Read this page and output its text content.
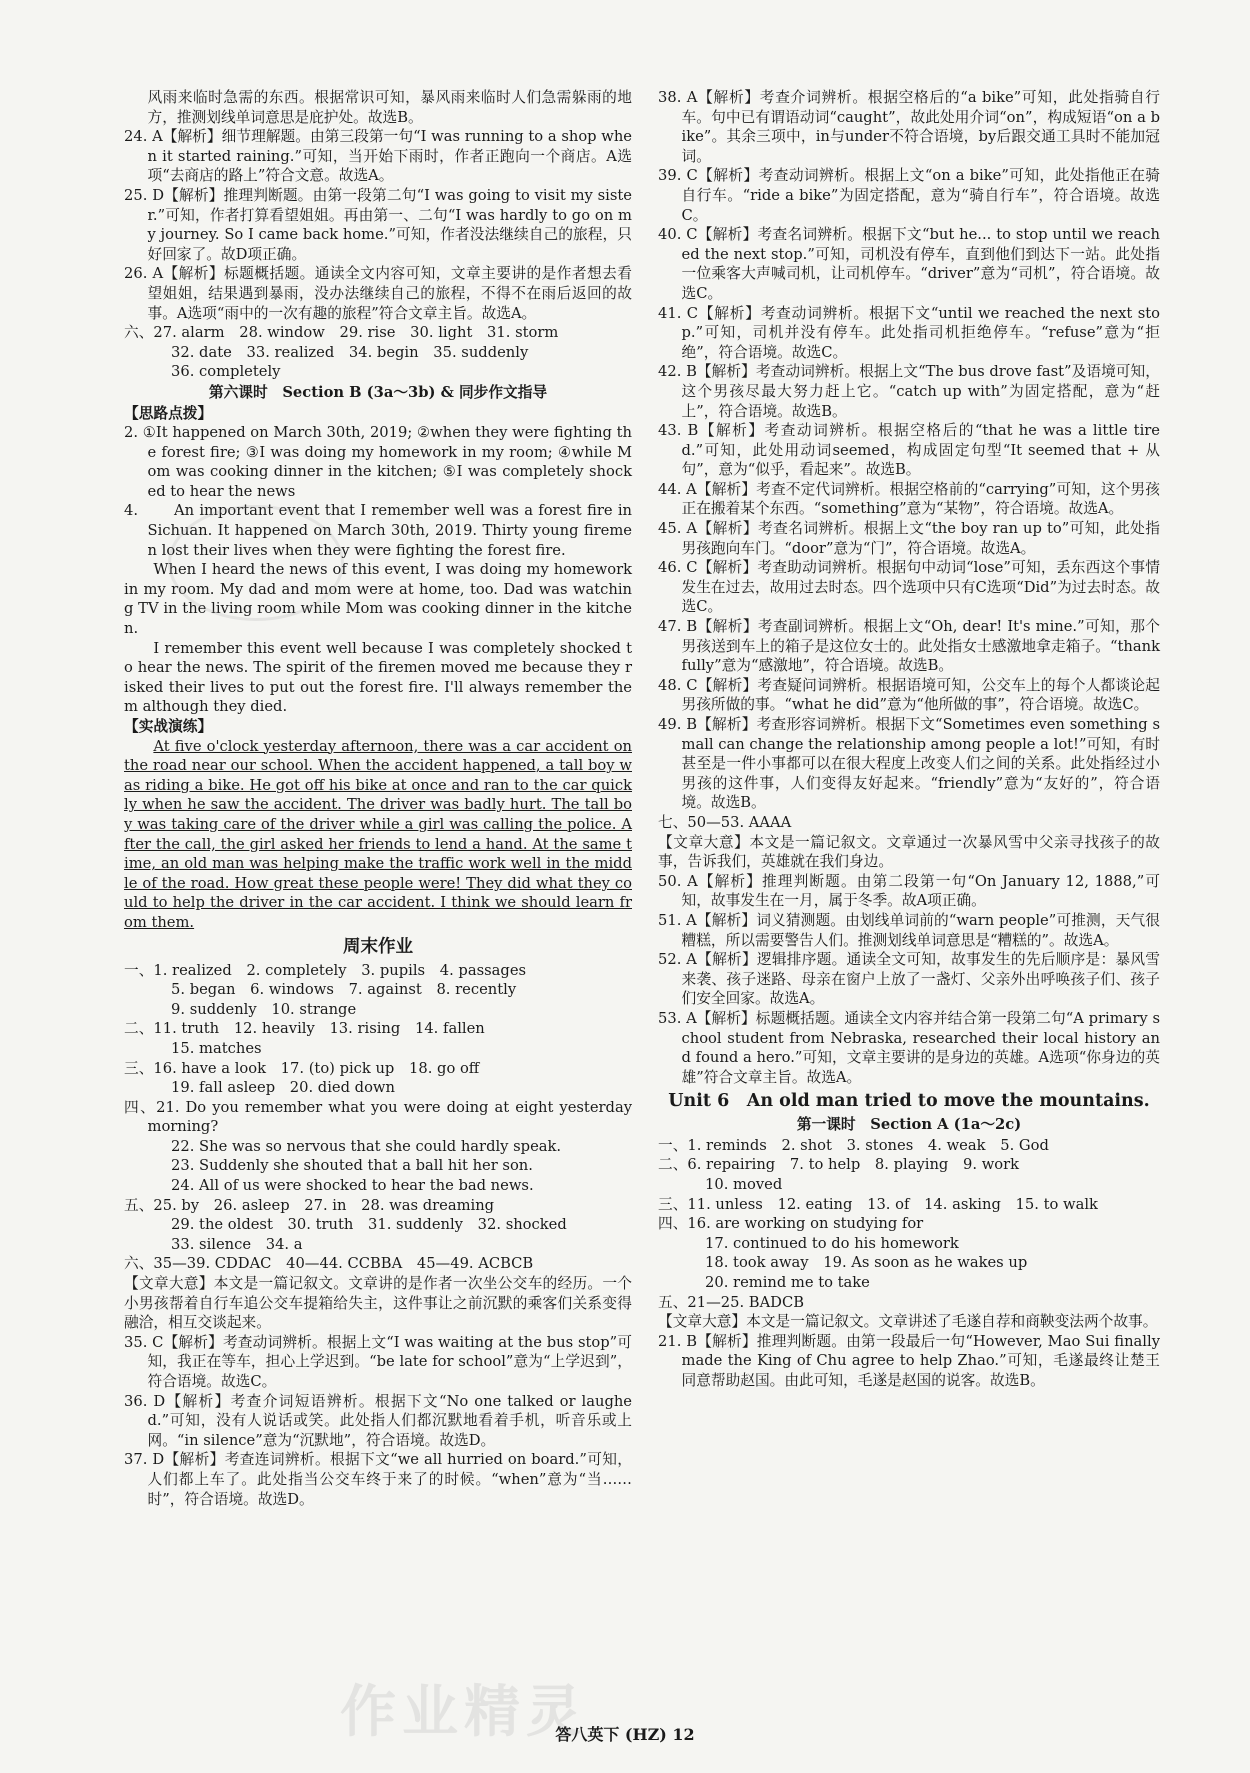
风雨来临时急需的东西。根据常识可知，暴风雨来临时人们急需躲雨的地方，推测划线单词意思是庇护处。故选B。

24. A【解析】细节理解题。由第三段第一句“I was running to a shop when it started raining.”可知，当开始下雨时，作者正跑向一个商店。A选项“去商店的路上”符合文意。故选A。

25. D【解析】推理判断题。由第一段第二句“I was going to visit my sister.”可知，作者打算看望姐姐。再由第一、二句“I was hardly to go on my journey. So I came back home.”可知，作者没法继续自己的旅程，只好回家了。故D项正确。

26. A【解析】标题概括题。通读全文内容可知，文章主要讲的是作者想去看望姐姐，结果遇到暴雨，没办法继续自己的旅程，不得不在雨后返回的故事。A选项“雨中的一次有趣的旅程”符合文章主旨。故选A。

六、27. alarm　28. window　29. rise　30. light　31. storm

32. date　33. realized　34. begin　35. suddenly

36. completely

第六课时　Section B (3a～3b) & 同步作文指导

【思路点拨】

2. ①It happened on March 30th, 2019; ②when they were fighting the forest fire; ③I was doing my homework in my room; ④while Mom was cooking dinner in the kitchen; ⑤I was completely shocked to hear the news

4. 　　An important event that I remember well was a forest fire in Sichuan. It happened on March 30th, 2019. Thirty young firemen lost their lives when they were fighting the forest fire.

When I heard the news of this event, I was doing my homework in my room. My dad and mom were at home, too. Dad was watching TV in the living room while Mom was cooking dinner in the kitchen.

I remember this event well because I was completely shocked to hear the news. The spirit of the firemen moved me because they risked their lives to put out the forest fire. I'll always remember them although they died.

【实战演练】

At five o'clock yesterday afternoon, there was a car accident on the road near our school. When the accident happened, a tall boy was riding a bike. He got off his bike at once and ran to the car quickly when he saw the accident. The driver was badly hurt. The tall boy was taking care of the driver while a girl was calling the police. After the call, the girl asked her friends to lend a hand. At the same time, an old man was helping make the traffic work well in the middle of the road. How great these people were! They did what they could to help the driver in the car accident. I think we should learn from them.

周末作业

一、1. realized　2. completely　3. pupils　4. passages

5. began　6. windows　7. against　8. recently

9. suddenly　10. strange

二、11. truth　12. heavily　13. rising　14. fallen

15. matches

三、16. have a look　17. (to) pick up　18. go off

19. fall asleep　20. died down

四、21. Do you remember what you were doing at eight yesterday morning?

22. She was so nervous that she could hardly speak.

23. Suddenly she shouted that a ball hit her son.

24. All of us were shocked to hear the bad news.

五、25. by　26. asleep　27. in　28. was dreaming

29. the oldest　30. truth　31. suddenly　32. shocked

33. silence　34. a

六、35—39. CDDAC　40—44. CCBBA　45—49. ACBCB

【文章大意】本文是一篇记叙文。文章讲的是作者一次坐公交车的经历。一个小男孩帮着自行车追公交车提箱给失主，这件事让之前沉默的乘客们关系变得融洽，相互交谈起来。

35. C【解析】考查动词辨析。根据上文“I was waiting at the bus stop”可知，我正在等车，担心上学迟到。“be late for school”意为“上学迟到”，符合语境。故选C。

36. D【解析】考查介词短语辨析。根据下文“No one talked or laughed.”可知，没有人说话或笑。此处指人们都沉默地看着手机，听音乐或上网。“in silence”意为“沉默地”，符合语境。故选D。

37. D【解析】考查连词辨析。根据下文“we all hurried on board.”可知，人们都上车了。此处指当公交车终于来了的时候。“when”意为“当……时”，符合语境。故选D。

38. A【解析】考查介词辨析。根据空格后的“a bike”可知，此处指骑自行车。句中已有谓语动词“caught”，故此处用介词“on”，构成短语“on a bike”。其余三项中，in与under不符合语境，by后跟交通工具时不能加冠词。

39. C【解析】考查动词辨析。根据上文“on a bike”可知，此处指他正在骑自行车。“ride a bike”为固定搭配，意为“骑自行车”，符合语境。故选C。

40. C【解析】考查名词辨析。根据下文“but he... to stop until we reached the next stop.”可知，司机没有停车，直到他们到达下一站。此处指一位乘客大声喊司机，让司机停车。“driver”意为“司机”，符合语境。故选C。

41. C【解析】考查动词辨析。根据下文“until we reached the next stop.”可知，司机并没有停车。此处指司机拒绝停车。“refuse”意为“拒绝”，符合语境。故选C。

42. B【解析】考查动词辨析。根据上文“The bus drove fast”及语境可知，这个男孩尽最大努力赶上它。“catch up with”为固定搭配，意为“赶上”，符合语境。故选B。

43. B【解析】考查动词辨析。根据空格后的“that he was a little tired.”可知，此处用动词seemed，构成固定句型“It seemed that + 从句”，意为“似乎，看起来”。故选B。

44. A【解析】考查不定代词辨析。根据空格前的“carrying”可知，这个男孩正在搬着某个东西。“something”意为“某物”，符合语境。故选A。

45. A【解析】考查名词辨析。根据上文“the boy ran up to”可知，此处指男孩跑向车门。“door”意为“门”，符合语境。故选A。

46. C【解析】考查助动词辨析。根据句中动词“lose”可知，丢东西这个事情发生在过去，故用过去时态。四个选项中只有C选项“Did”为过去时态。故选C。

47. B【解析】考查副词辨析。根据上文“Oh, dear! It's mine.”可知，那个男孩送到车上的箱子是这位女士的。此处指女士感激地拿走箱子。“thankfully”意为“感激地”，符合语境。故选B。

48. C【解析】考查疑问词辨析。根据语境可知，公交车上的每个人都谈论起男孩所做的事。“what he did”意为“他所做的事”，符合语境。故选C。

49. B【解析】考查形容词辨析。根据下文“Sometimes even something small can change the relationship among people a lot!”可知，有时甚至是一件小事都可以在很大程度上改变人们之间的关系。此处指经过小男孩的这件事，人们变得友好起来。“friendly”意为“友好的”，符合语境。故选B。

七、50—53. AAAA

【文章大意】本文是一篇记叙文。文章通过一次暴风雪中父亲寻找孩子的故事，告诉我们，英雄就在我们身边。

50. A【解析】推理判断题。由第二段第一句“On January 12, 1888,”可知，故事发生在一月，属于冬季。故A项正确。

51. A【解析】词义猜测题。由划线单词前的“warn people”可推测，天气很糟糕，所以需要警告人们。推测划线单词意思是“糟糕的”。故选A。

52. A【解析】逻辑排序题。通读全文可知，故事发生的先后顺序是：暴风雪来袭、孩子迷路、母亲在窗户上放了一盏灯、父亲外出呼唤孩子们、孩子们安全回家。故选A。

53. A【解析】标题概括题。通读全文内容并结合第一段第二句“A primary school student from Nebraska, researched their local history and found a hero.”可知，文章主要讲的是身边的英雄。A选项“你身边的英雄”符合文章主旨。故选A。

Unit 6　An old man tried to move the mountains.

第一课时　Section A (1a～2c)

一、1. reminds　2. shot　3. stones　4. weak　5. God

二、6. repairing　7. to help　8. playing　9. work

10. moved

三、11. unless　12. eating　13. of　14. asking　15. to walk

四、16. are working on studying for

17. continued to do his homework

18. took away　19. As soon as he wakes up

20. remind me to take

五、21—25. BADCB

【文章大意】本文是一篇记叙文。文章讲述了毛遂自荐和商鞅变法两个故事。

21. B【解析】推理判断题。由第一段最后一句“However, Mao Sui finally made the King of Chu agree to help Zhao.”可知，毛遂最终让楚王同意帮助赵国。由此可知，毛遂是赵国的说客。故选B。

作业精灵
答八英下 (HZ) 12
